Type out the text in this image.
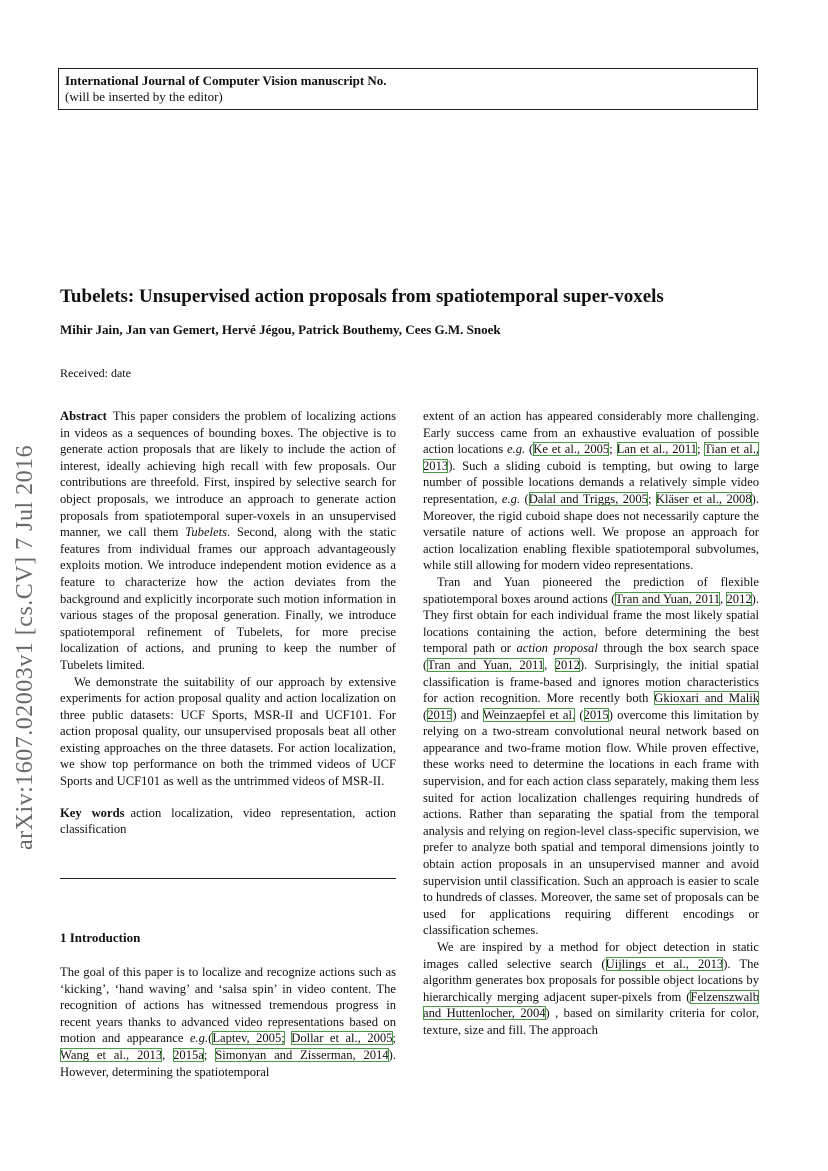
International Journal of Computer Vision manuscript No.
(will be inserted by the editor)
arXiv:1607.02003v1 [cs.CV] 7 Jul 2016
Tubelets: Unsupervised action proposals from spatiotemporal super-voxels
Mihir Jain, Jan van Gemert, Hervé Jégou, Patrick Bouthemy, Cees G.M. Snoek
Received: date

Abstract This paper considers the problem of localizing actions in videos as a sequences of bounding boxes. The objective is to generate action proposals that are likely to include the action of interest, ideally achieving high recall with few proposals. Our contributions are threefold. First, inspired by selective search for object proposals, we introduce an approach to generate action proposals from spatiotemporal super-voxels in an unsupervised manner, we call them Tubelets. Second, along with the static features from individual frames our approach advantageously exploits motion. We introduce independent motion evidence as a feature to characterize how the action deviates from the background and explicitly incorporate such motion information in various stages of the proposal generation. Finally, we introduce spatiotemporal refinement of Tubelets, for more precise localization of actions, and pruning to keep the number of Tubelets limited.

We demonstrate the suitability of our approach by extensive experiments for action proposal quality and action localization on three public datasets: UCF Sports, MSR-II and UCF101. For action proposal quality, our unsupervised proposals beat all other existing approaches on the three datasets. For action localization, we show top performance on both the trimmed videos of UCF Sports and UCF101 as well as the untrimmed videos of MSR-II.

Key words action localization, video representation, action classification

1 Introduction

The goal of this paper is to localize and recognize actions such as ‘kicking’, ‘hand waving’ and ‘salsa spin’ in video content. The recognition of actions has witnessed tremendous progress in recent years thanks to advanced video representations based on motion and appearance e.g.(Laptev, 2005; Dollar et al., 2005; Wang et al., 2013, 2015a; Simonyan and Zisserman, 2014). However, determining the spatiotemporal

extent of an action has appeared considerably more challenging. Early success came from an exhaustive evaluation of possible action locations e.g. (Ke et al., 2005; Lan et al., 2011; Tian et al., 2013). Such a sliding cuboid is tempting, but owing to large number of possible locations demands a relatively simple video representation, e.g. (Dalal and Triggs, 2005; Kläser et al., 2008). Moreover, the rigid cuboid shape does not necessarily capture the versatile nature of actions well. We propose an approach for action localization enabling flexible spatiotemporal subvolumes, while still allowing for modern video representations.

Tran and Yuan pioneered the prediction of flexible spatiotemporal boxes around actions (Tran and Yuan, 2011, 2012). They first obtain for each individual frame the most likely spatial locations containing the action, before determining the best temporal path or action proposal through the box search space (Tran and Yuan, 2011, 2012). Surprisingly, the initial spatial classification is frame-based and ignores motion characteristics for action recognition. More recently both Gkioxari and Malik (2015) and Weinzaepfel et al. (2015) overcome this limitation by relying on a two-stream convolutional neural network based on appearance and two-frame motion flow. While proven effective, these works need to determine the locations in each frame with supervision, and for each action class separately, making them less suited for action localization challenges requiring hundreds of actions. Rather than separating the spatial from the temporal analysis and relying on region-level class-specific supervision, we prefer to analyze both spatial and temporal dimensions jointly to obtain action proposals in an unsupervised manner and avoid supervision until classification. Such an approach is easier to scale to hundreds of classes. Moreover, the same set of proposals can be used for applications requiring different encodings or classification schemes.

We are inspired by a method for object detection in static images called selective search (Uijlings et al., 2013). The algorithm generates box proposals for possible object locations by hierarchically merging adjacent super-pixels from (Felzenszwalb and Huttenlocher, 2004) , based on similarity criteria for color, texture, size and fill. The approach
